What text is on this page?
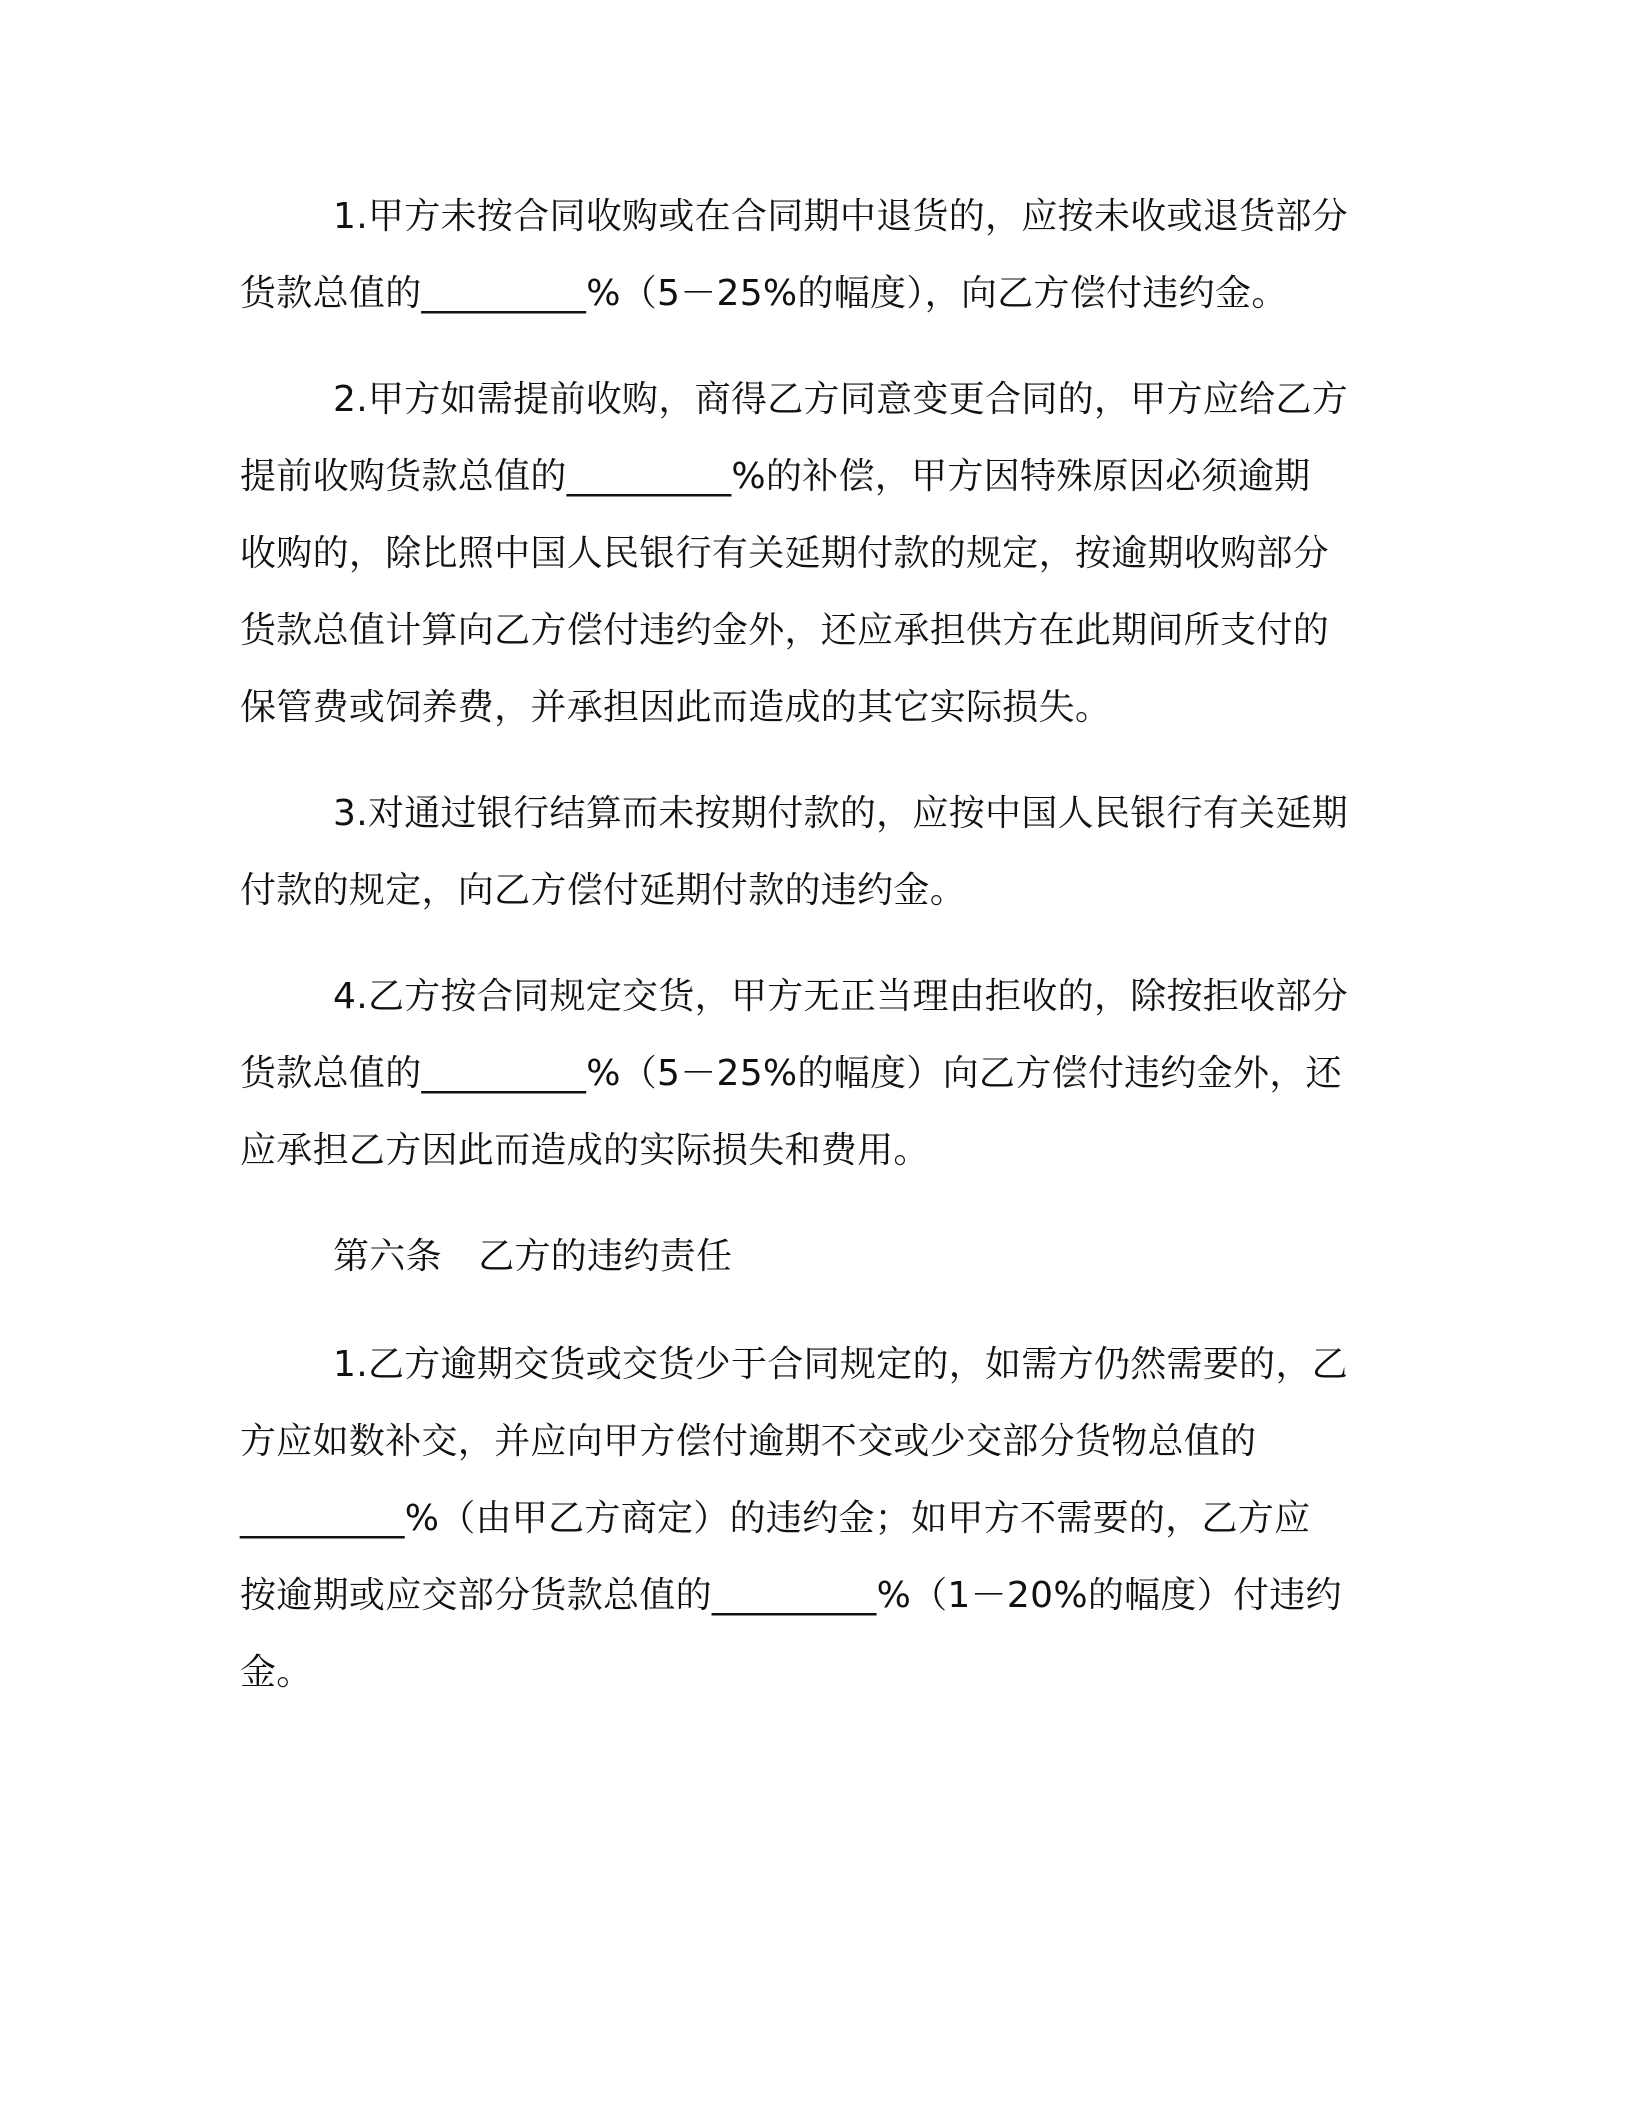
1.甲方未按合同收购或在合同期中退货的，应按未收或退货部分
货款总值的_________%（5－25%的幅度），向乙方偿付违约金。
2.甲方如需提前收购，商得乙方同意变更合同的，甲方应给乙方
提前收购货款总值的_________%的补偿，甲方因特殊原因必须逾期
收购的，除比照中国人民银行有关延期付款的规定，按逾期收购部分
货款总值计算向乙方偿付违约金外，还应承担供方在此期间所支付的
保管费或饲养费，并承担因此而造成的其它实际损失。
3.对通过银行结算而未按期付款的，应按中国人民银行有关延期
付款的规定，向乙方偿付延期付款的违约金。
4.乙方按合同规定交货，甲方无正当理由拒收的，除按拒收部分
货款总值的_________%（5－25%的幅度）向乙方偿付违约金外，还
应承担乙方因此而造成的实际损失和费用。
第六条　乙方的违约责任
1.乙方逾期交货或交货少于合同规定的，如需方仍然需要的，乙
方应如数补交，并应向甲方偿付逾期不交或少交部分货物总值的
_________%（由甲乙方商定）的违约金；如甲方不需要的，乙方应
按逾期或应交部分货款总值的_________%（1－20%的幅度）付违约
金。
